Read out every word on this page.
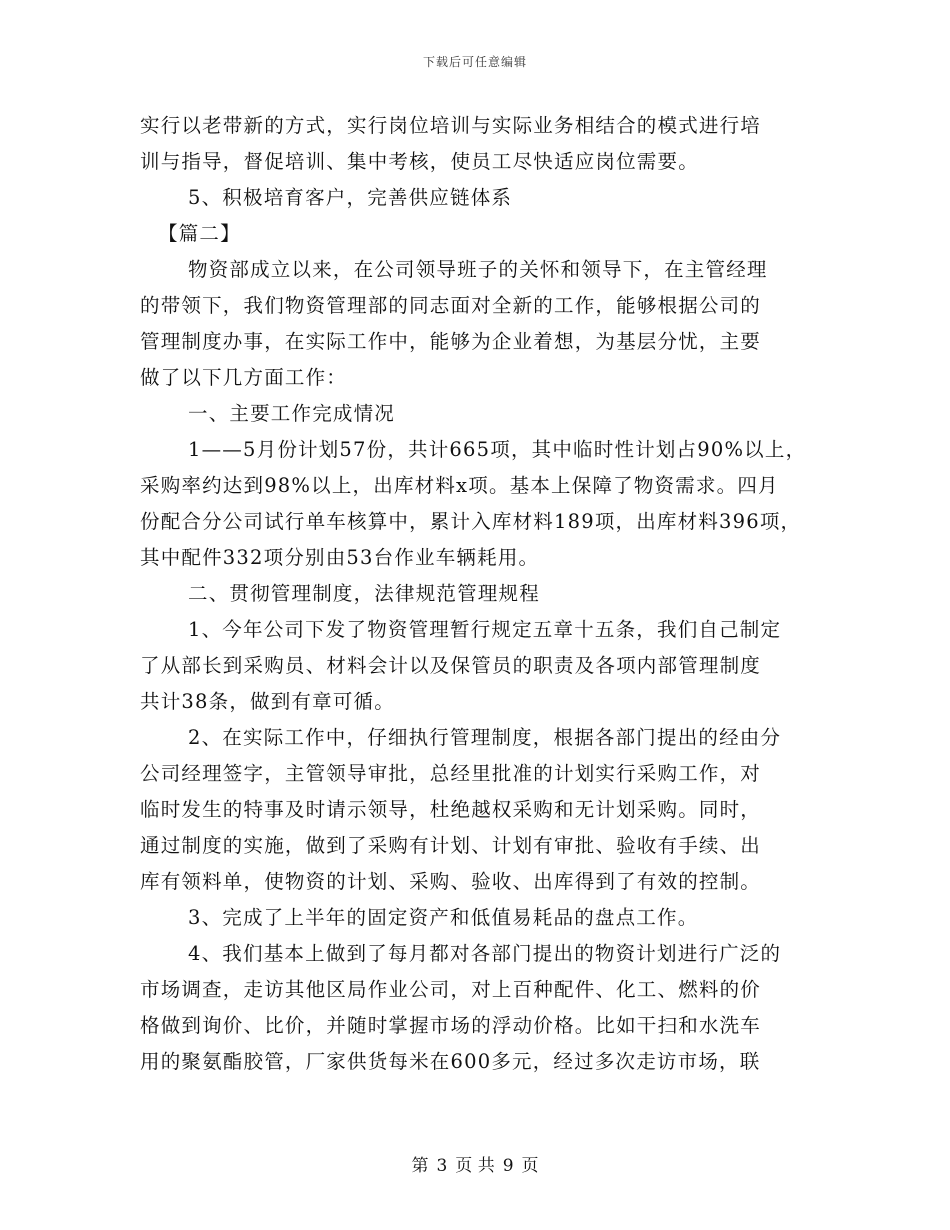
下载后可任意编辑
实行以老带新的方式，实行岗位培训与实际业务相结合的模式进行培
训与指导，督促培训、集中考核，使员工尽快适应岗位需要。
5、积极培育客户，完善供应链体系
【篇二】
物资部成立以来，在公司领导班子的关怀和领导下，在主管经理
的带领下，我们物资管理部的同志面对全新的工作，能够根据公司的
管理制度办事，在实际工作中，能够为企业着想，为基层分忧，主要
做了以下几方面工作：
一、主要工作完成情况
1——5月份计划57份，共计665项，其中临时性计划占90%以上，
采购率约达到98%以上，出库材料x项。基本上保障了物资需求。四月
份配合分公司试行单车核算中，累计入库材料189项，出库材料396项，
其中配件332项分别由53台作业车辆耗用。
二、贯彻管理制度，法律规范管理规程
1、今年公司下发了物资管理暂行规定五章十五条，我们自己制定
了从部长到采购员、材料会计以及保管员的职责及各项内部管理制度
共计38条，做到有章可循。
2、在实际工作中，仔细执行管理制度，根据各部门提出的经由分
公司经理签字，主管领导审批，总经里批准的计划实行采购工作，对
临时发生的特事及时请示领导，杜绝越权采购和无计划采购。同时，
通过制度的实施，做到了采购有计划、计划有审批、验收有手续、出
库有领料单，使物资的计划、采购、验收、出库得到了有效的控制。
3、完成了上半年的固定资产和低值易耗品的盘点工作。
4、我们基本上做到了每月都对各部门提出的物资计划进行广泛的
市场调查，走访其他区局作业公司，对上百种配件、化工、燃料的价
格做到询价、比价，并随时掌握市场的浮动价格。比如干扫和水洗车
用的聚氨酯胶管，厂家供货每米在600多元，经过多次走访市场，联
第 3 页 共 9 页
